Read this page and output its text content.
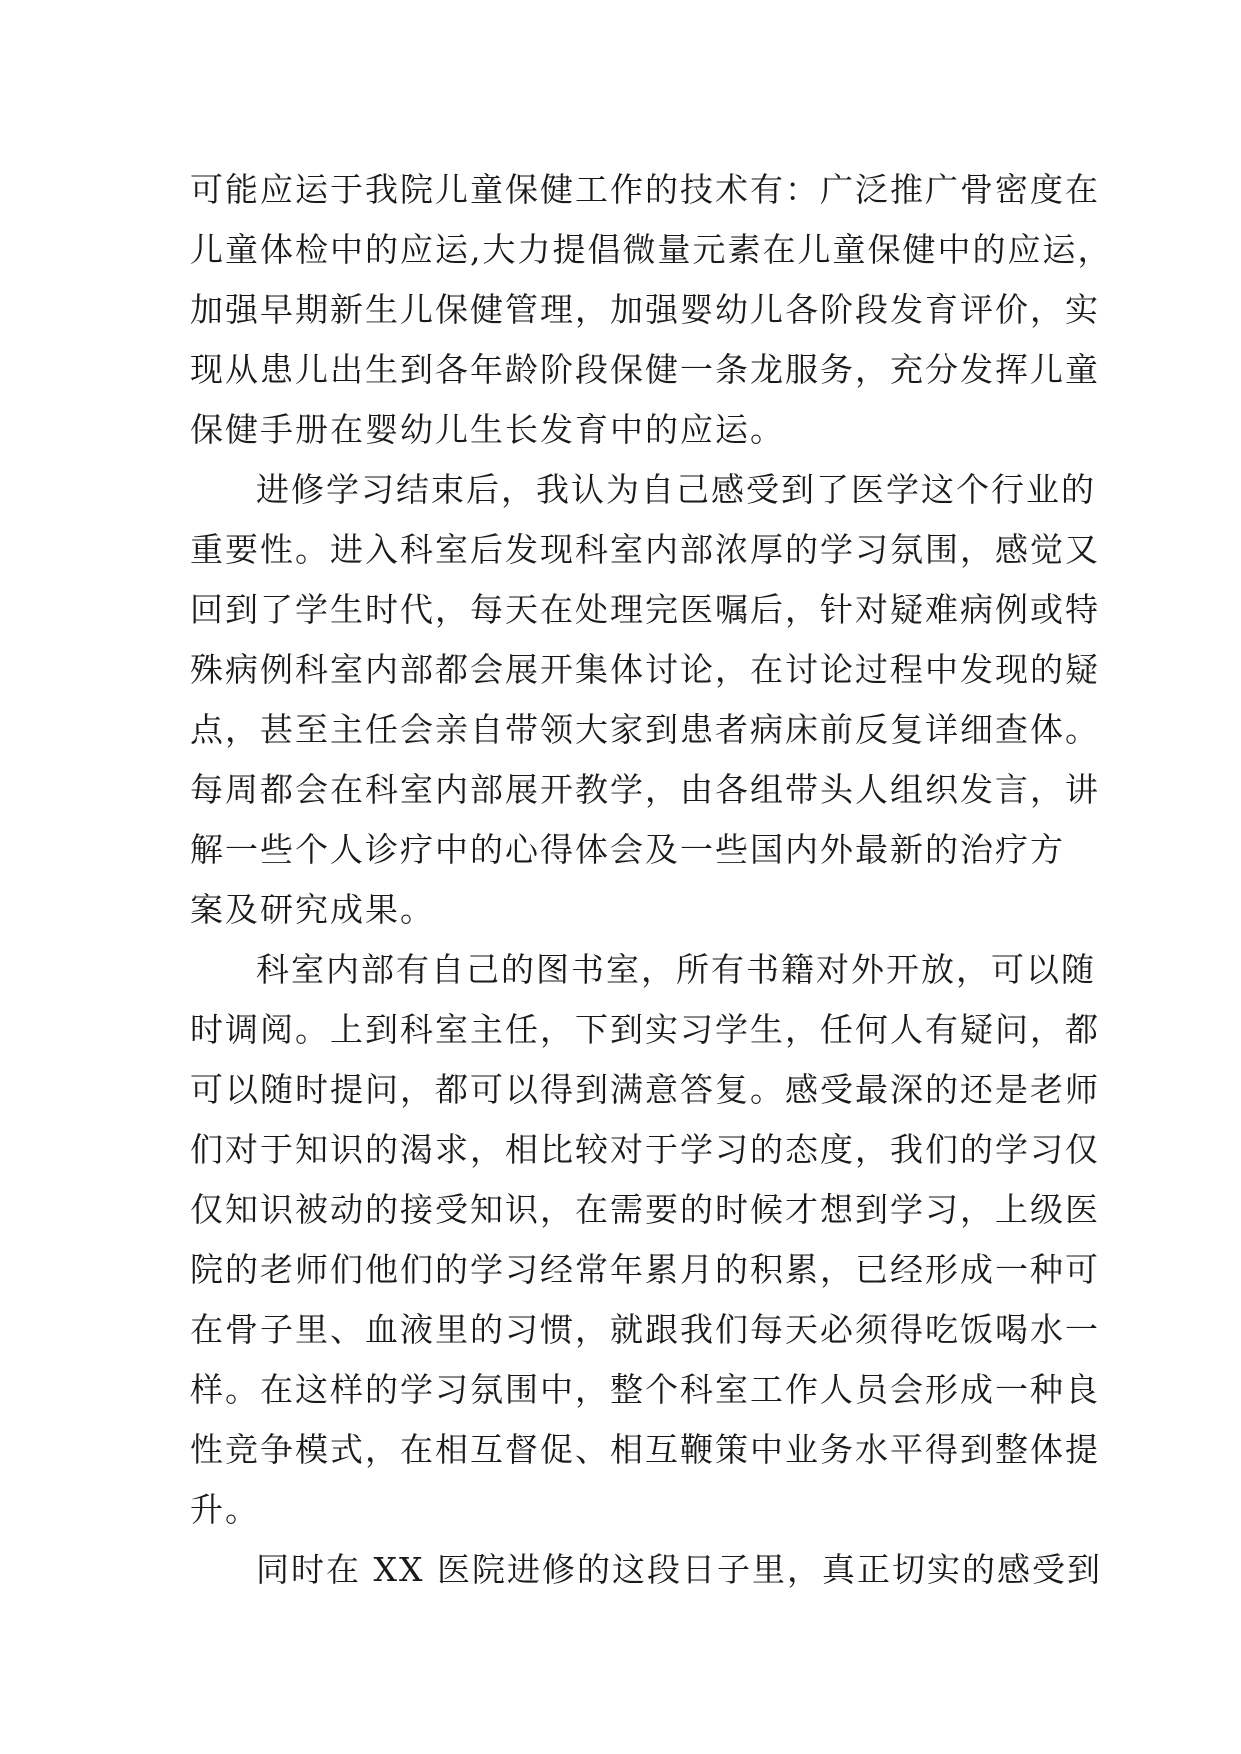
可能应运于我院儿童保健工作的技术有：广泛推广骨密度在
儿童体检中的应运,大力提倡微量元素在儿童保健中的应运，
加强早期新生儿保健管理，加强婴幼儿各阶段发育评价，实
现从患儿出生到各年龄阶段保健一条龙服务，充分发挥儿童
保健手册在婴幼儿生长发育中的应运。
进修学习结束后，我认为自己感受到了医学这个行业的
重要性。进入科室后发现科室内部浓厚的学习氛围，感觉又
回到了学生时代，每天在处理完医嘱后，针对疑难病例或特
殊病例科室内部都会展开集体讨论，在讨论过程中发现的疑
点，甚至主任会亲自带领大家到患者病床前反复详细查体。
每周都会在科室内部展开教学，由各组带头人组织发言，讲
解一些个人诊疗中的心得体会及一些国内外最新的治疗方
案及研究成果。
科室内部有自己的图书室，所有书籍对外开放，可以随
时调阅。上到科室主任，下到实习学生，任何人有疑问，都
可以随时提问，都可以得到满意答复。感受最深的还是老师
们对于知识的渴求，相比较对于学习的态度，我们的学习仅
仅知识被动的接受知识，在需要的时候才想到学习，上级医
院的老师们他们的学习经常年累月的积累，已经形成一种可
在骨子里、血液里的习惯，就跟我们每天必须得吃饭喝水一
样。在这样的学习氛围中，整个科室工作人员会形成一种良
性竞争模式，在相互督促、相互鞭策中业务水平得到整体提
升。
同时在 XX 医院进修的这段日子里，真正切实的感受到
